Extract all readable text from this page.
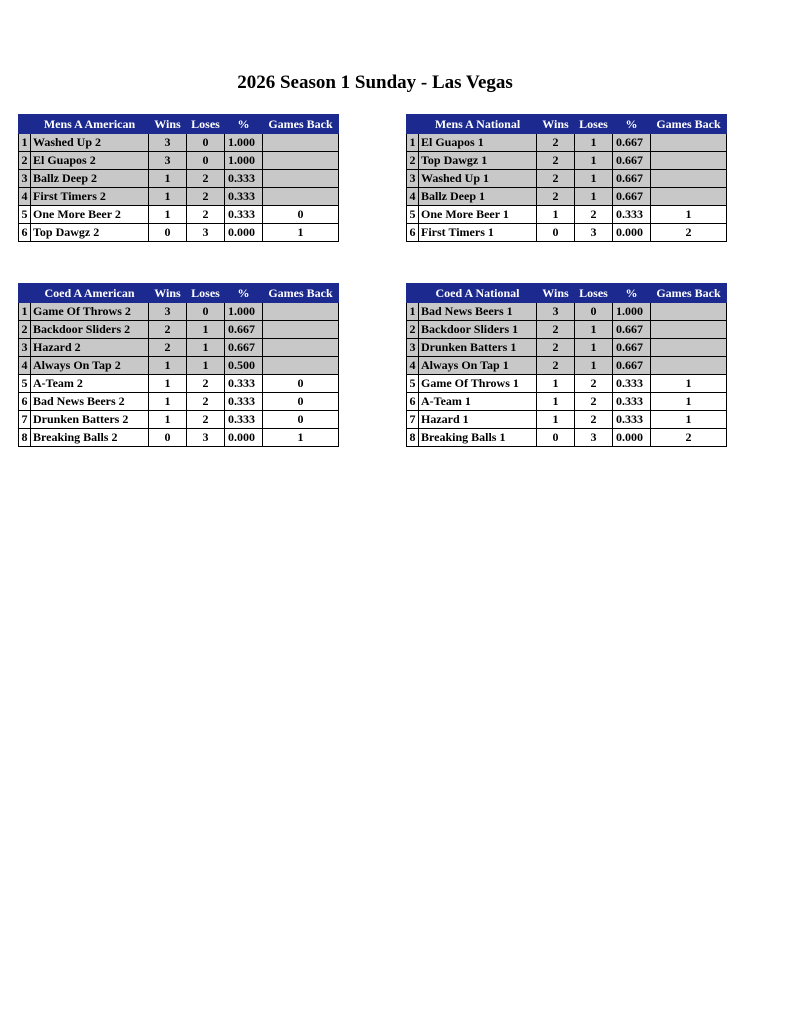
2026 Season 1 Sunday - Las Vegas
	Mens A American	Wins	Loses	%	Games Back
1	Washed Up 2	3	0	1.000	
2	El Guapos 2	3	0	1.000	
3	Ballz Deep 2	1	2	0.333	
4	First Timers 2	1	2	0.333	
5	One More Beer 2	1	2	0.333	0
6	Top Dawgz 2	0	3	0.000	1
	Mens A National	Wins	Loses	%	Games Back
1	El Guapos 1	2	1	0.667	
2	Top Dawgz 1	2	1	0.667	
3	Washed Up 1	2	1	0.667	
4	Ballz Deep 1	2	1	0.667	
5	One More Beer 1	1	2	0.333	1
6	First Timers 1	0	3	0.000	2
	Coed A American	Wins	Loses	%	Games Back
1	Game Of Throws 2	3	0	1.000	
2	Backdoor Sliders 2	2	1	0.667	
3	Hazard 2	2	1	0.667	
4	Always On Tap 2	1	1	0.500	
5	A-Team 2	1	2	0.333	0
6	Bad News Beers 2	1	2	0.333	0
7	Drunken Batters 2	1	2	0.333	0
8	Breaking Balls 2	0	3	0.000	1
	Coed A National	Wins	Loses	%	Games Back
1	Bad News Beers 1	3	0	1.000	
2	Backdoor Sliders 1	2	1	0.667	
3	Drunken Batters 1	2	1	0.667	
4	Always On Tap 1	2	1	0.667	
5	Game Of Throws 1	1	2	0.333	1
6	A-Team 1	1	2	0.333	1
7	Hazard 1	1	2	0.333	1
8	Breaking Balls 1	0	3	0.000	2
